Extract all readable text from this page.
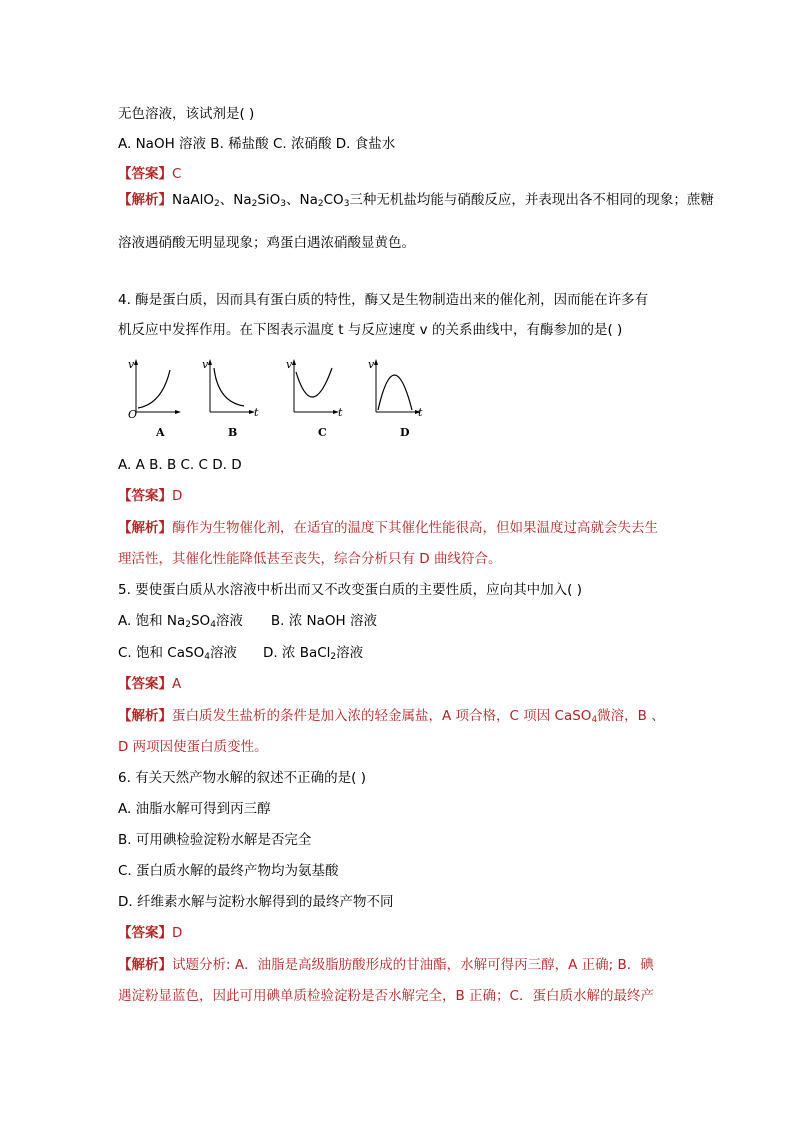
无色溶液，该试剂是( )
A. NaOH 溶液 B. 稀盐酸 C. 浓硝酸 D. 食盐水
【答案】C
【解析】NaAlO$_2$、$Na_2SiO_3$、$Na_2CO_3$三种无机盐均能与硝酸反应，并表现出各不相同的现象；蔗糖
溶液遇硝酸无明显现象；鸡蛋白遇浓硝酸显黄色。
4. 酶是蛋白质，因而具有蛋白质的特性，酶又是生物制造出来的催化剂，因而能在许多有
机反应中发挥作用。在下图表示温度 t 与反应速度 v 的关系曲线中，有酶参加的是( )
v
O
A
v
t
B
v
t
C
v
t
D
A. A B. B C. C D. D
【答案】D
【解析】酶作为生物催化剂，在适宜的温度下其催化性能很高，但如果温度过高就会失去生
理活性，其催化性能降低甚至丧失，综合分析只有 D 曲线符合。
5. 要使蛋白质从水溶液中析出而又不改变蛋白质的主要性质，应向其中加入( )
A. 饱和 $Na_2SO_4$溶液 B. 浓 NaOH 溶液
C. 饱和 CaSO$_4$溶液 D. 浓 BaCl$_2$溶液
【答案】A
【解析】蛋白质发生盐析的条件是加入浓的轻金属盐，A 项合格，C 项因 CaSO$_4$微溶，B 、
D 两项因使蛋白质变性。
6. 有关天然产物水解的叙述不正确的是( )
A. 油脂水解可得到丙三醇
B. 可用碘检验淀粉水解是否完全
C. 蛋白质水解的最终产物均为氨基酸
D. 纤维素水解与淀粉水解得到的最终产物不同
【答案】D
【解析】试题分析: A．油脂是高级脂肪酸形成的甘油酯，水解可得丙三醇，A 正确; B．碘
遇淀粉显蓝色，因此可用碘单质检验淀粉是否水解完全，B 正确；C．蛋白质水解的最终产
